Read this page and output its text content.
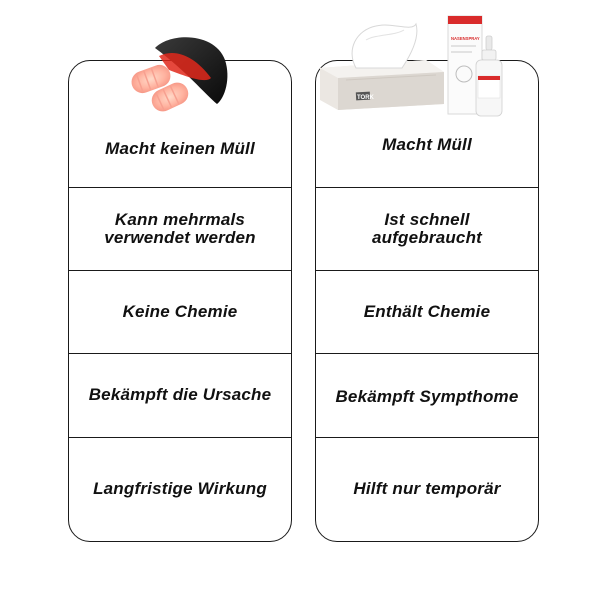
Macht keinen Müll
Kann mehrmals verwendet werden
Keine Chemie
Bekämpft die Ursache
Langfristige Wirkung
Macht Müll
Ist schnell aufgebraucht
Enthält Chemie
Bekämpft Sympthome
Hilft nur temporär
TORK
NASENSPRAY
